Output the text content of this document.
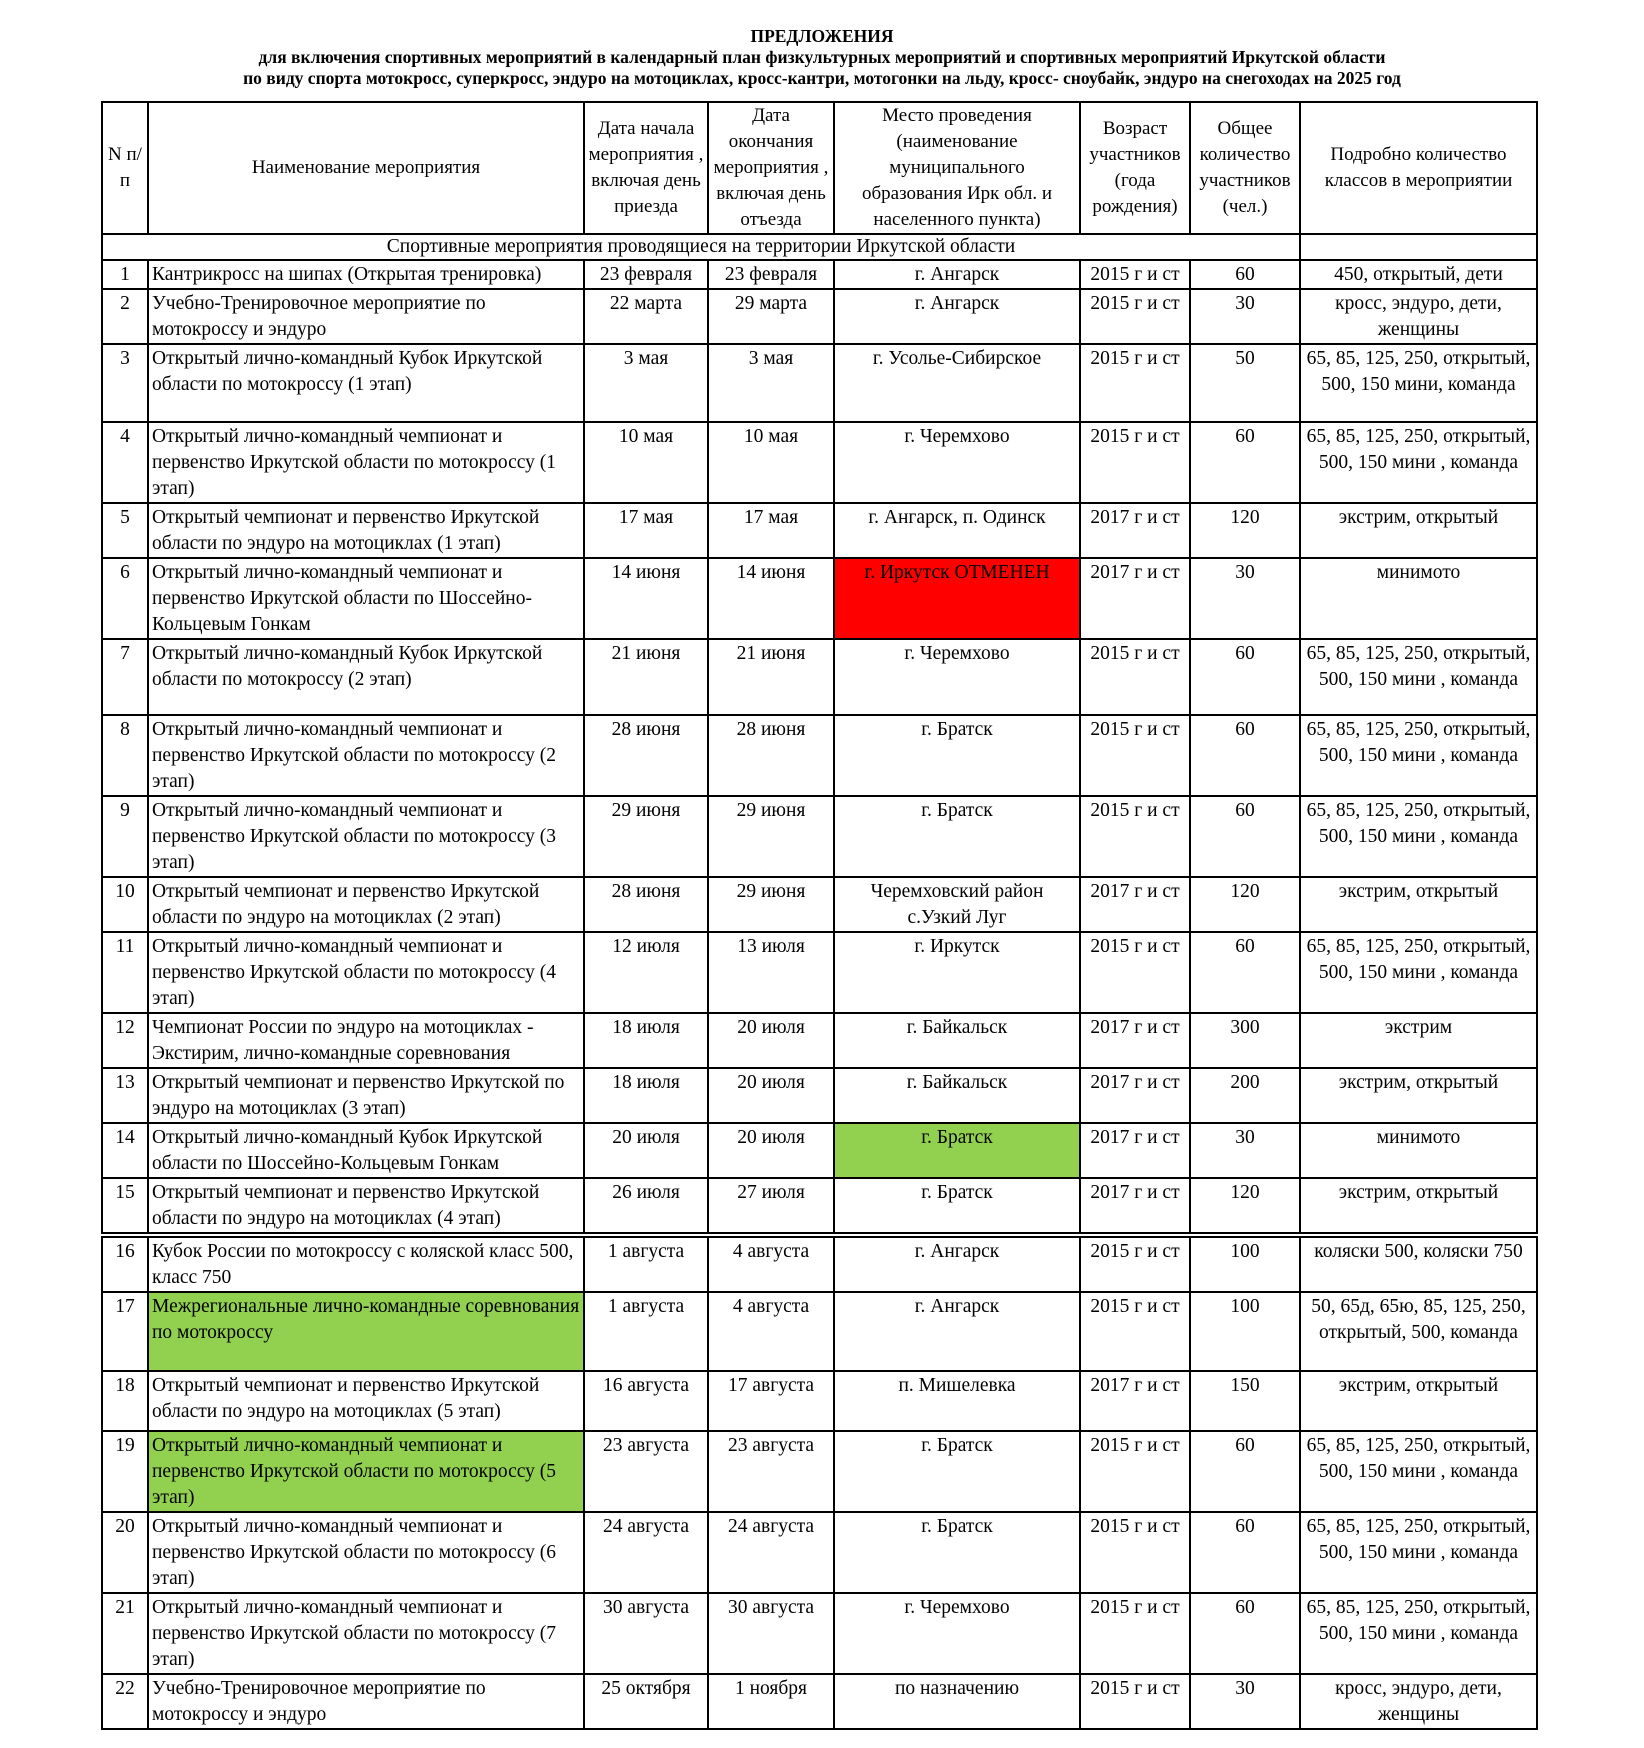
ПРЕДЛОЖЕНИЯ
для включения спортивных мероприятий в календарный план физкультурных мероприятий и спортивных мероприятий Иркутской области
по виду спорта мотокросс, суперкросс, эндуро на мотоциклах, кросс-кантри, мотогонки на льду, кросс- сноубайк, эндуро на снегоходах на 2025 год
N п/п	Наименование мероприятия	Дата начала мероприятия , включая день приезда	Дата окончания мероприятия , включая день отъезда	Место проведения (наименование муниципального образования Ирк обл. и населенного пункта)	Возраст участников (года рождения)	Общее количество участников (чел.)	Подробно количество классов в мероприятии
Спортивные мероприятия проводящиеся на территории Иркутской области							
1	Кантрикросс на шипах (Открытая тренировка)	23 февраля	23 февраля	г. Ангарск	2015 г и ст	60	450, открытый, дети
2	Учебно-Тренировочное мероприятие по мотокроссу и эндуро	22 марта	29 марта	г. Ангарск	2015 г и ст	30	кросс, эндуро, дети, женщины
3	Открытый лично-командный Кубок Иркутской области по мотокроссу (1 этап)	3 мая	3 мая	г. Усолье-Сибирское	2015 г и ст	50	65, 85, 125, 250, открытый, 500, 150 мини, команда
4	Открытый лично-командный чемпионат и первенство Иркутской области по мотокроссу (1 этап)	10 мая	10 мая	г. Черемхово	2015 г и ст	60	65, 85, 125, 250, открытый, 500, 150 мини , команда
5	Открытый чемпионат и первенство Иркутской области по эндуро на мотоциклах (1 этап)	17 мая	17 мая	г. Ангарск, п. Одинск	2017 г и ст	120	экстрим, открытый
6	Открытый лично-командный чемпионат и первенство Иркутской области по Шоссейно-Кольцевым Гонкам	14 июня	14 июня	г. Иркутск ОТМЕНЕН	2017 г и ст	30	минимото
7	Открытый лично-командный Кубок Иркутской области по мотокроссу (2 этап)	21 июня	21 июня	г. Черемхово	2015 г и ст	60	65, 85, 125, 250, открытый, 500, 150 мини , команда
8	Открытый лично-командный чемпионат и первенство Иркутской области по мотокроссу (2 этап)	28 июня	28 июня	г. Братск	2015 г и ст	60	65, 85, 125, 250, открытый, 500, 150 мини , команда
9	Открытый лично-командный чемпионат и первенство Иркутской области по мотокроссу (3 этап)	29 июня	29 июня	г. Братск	2015 г и ст	60	65, 85, 125, 250, открытый, 500, 150 мини , команда
10	Открытый чемпионат и первенство Иркутской области по эндуро на мотоциклах (2 этап)	28 июня	29 июня	Черемховский район с.Узкий Луг	2017 г и ст	120	экстрим, открытый
11	Открытый лично-командный чемпионат и первенство Иркутской области по мотокроссу (4 этап)	12 июля	13 июля	г. Иркутск	2015 г и ст	60	65, 85, 125, 250, открытый, 500, 150 мини , команда
12	Чемпионат России по эндуро на мотоциклах - Экстирим, лично-командные соревнования	18 июля	20 июля	г. Байкальск	2017 г и ст	300	экстрим
13	Открытый чемпионат и первенство Иркутской по эндуро на мотоциклах (3 этап)	18 июля	20 июля	г. Байкальск	2017 г и ст	200	экстрим, открытый
14	Открытый лично-командный Кубок Иркутской области по Шоссейно-Кольцевым Гонкам	20 июля	20 июля	г. Братск	2017 г и ст	30	минимото
15	Открытый чемпионат и первенство Иркутской области по эндуро на мотоциклах (4 этап)	26 июля	27 июля	г. Братск	2017 г и ст	120	экстрим, открытый

16	Кубок России по мотокроссу с коляской класс 500, класс 750	1 августа	4 августа	г. Ангарск	2015 г и ст	100	коляски 500, коляски 750
17	Межрегиональные лично-командные соревнования по мотокроссу	1 августа	4 августа	г. Ангарск	2015 г и ст	100	50, 65д, 65ю, 85, 125, 250, открытый, 500, команда
18	Открытый чемпионат и первенство Иркутской области по эндуро на мотоциклах (5 этап)	16 августа	17 августа	п. Мишелевка	2017 г и ст	150	экстрим, открытый
19	Открытый лично-командный чемпионат и первенство Иркутской области по мотокроссу (5 этап)	23 августа	23 августа	г. Братск	2015 г и ст	60	65, 85, 125, 250, открытый, 500, 150 мини , команда
20	Открытый лично-командный чемпионат и первенство Иркутской области по мотокроссу (6 этап)	24 августа	24 августа	г. Братск	2015 г и ст	60	65, 85, 125, 250, открытый, 500, 150 мини , команда
21	Открытый лично-командный чемпионат и первенство Иркутской области по мотокроссу (7 этап)	30 августа	30 августа	г. Черемхово	2015 г и ст	60	65, 85, 125, 250, открытый, 500, 150 мини , команда
22	Учебно-Тренировочное мероприятие по мотокроссу и эндуро	25 октября	1 ноября	по назначению	2015 г и ст	30	кросс, эндуро, дети, женщины
